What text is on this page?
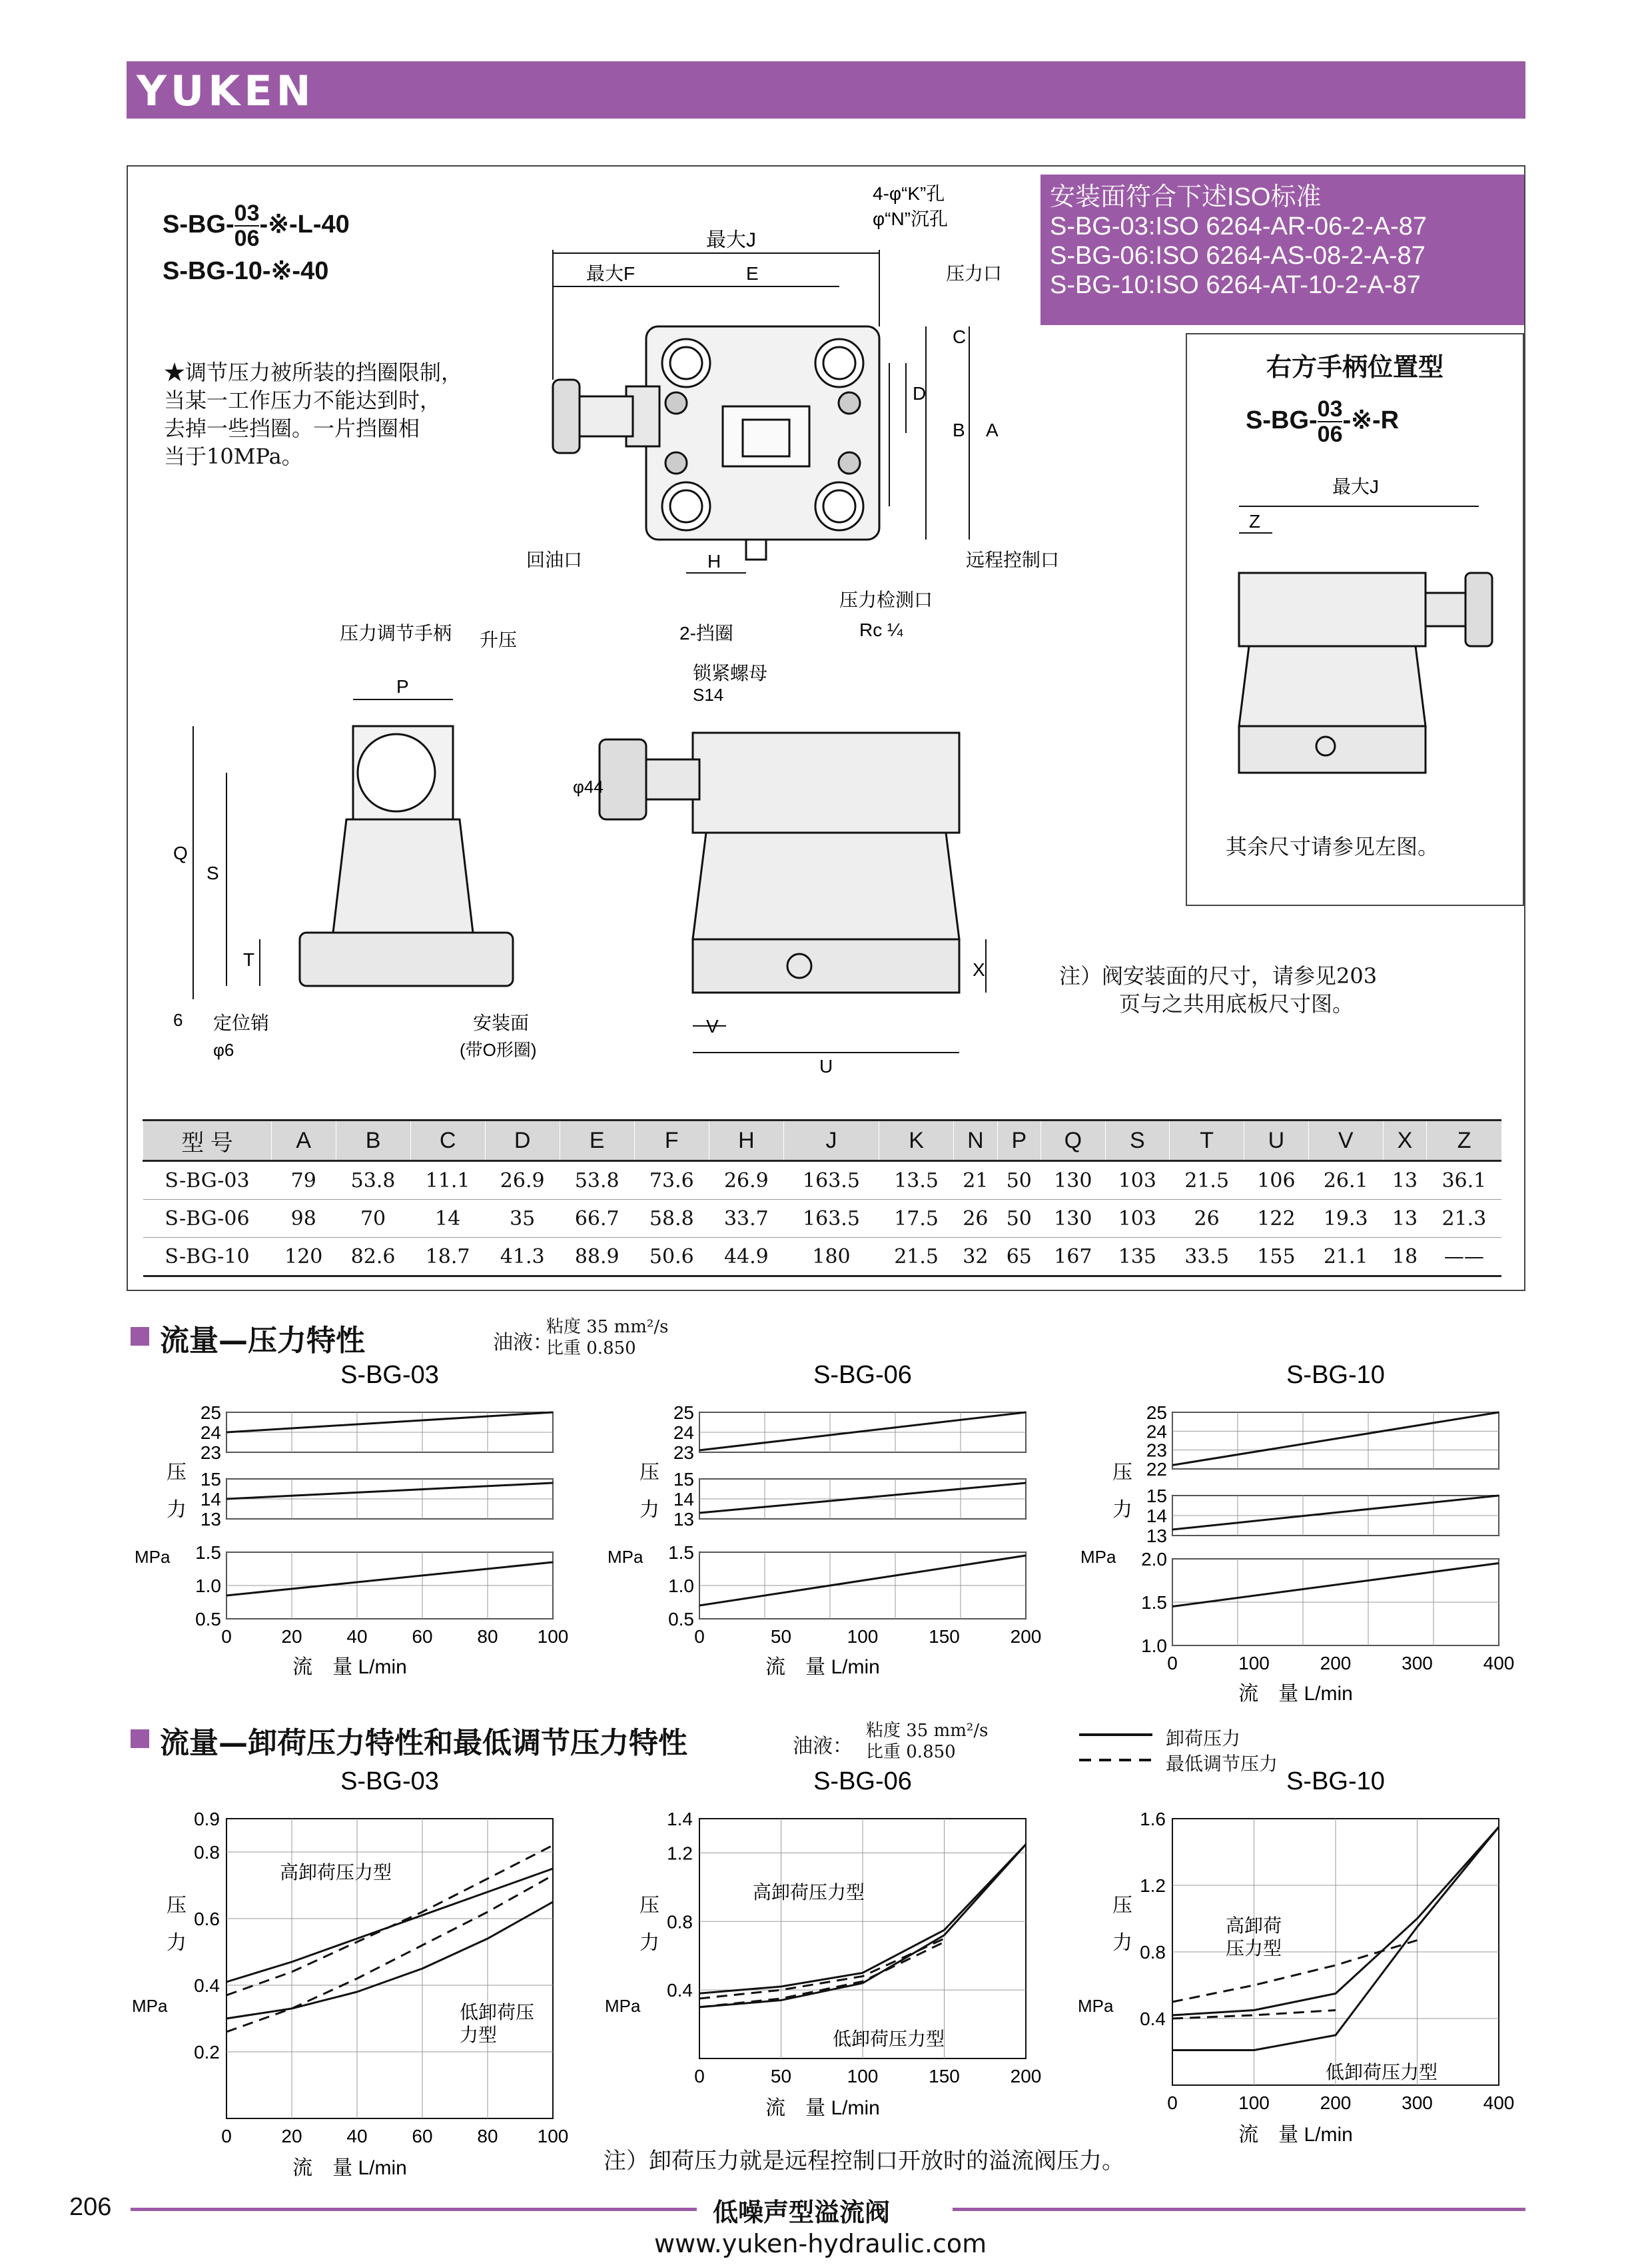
YUKEN
$S-BG- \frac{03}{06}$ -※-L-40
S-BG-10-※-40
安装面符合下述ISO标准
S-BG-03:ISO 6264-AR-06-2-A-87
S-BG-06:ISO 6264-AS-08-2-A-87
S-BG-10:ISO 6264-AT-10-2-A-87
★调节压力被所装的挡圈限制，
当某一工作压力不能达到时，
去掉一些挡圈。一片挡圈相
当于10MPa。
4-φ“K”孔
φ“N”沉孔
最大J
最大F	E	压力口
C
D
B A
回油口	H	远程控制口
压力检测口
Rc ¼
压力调节手柄 升压	2-挡圈
锁紧螺母
S14
P
φ44
Q
S
T
6 定位销
φ6
安装面
(带O形圈)
X
V
U
右方手柄位置型
$S-BG- \frac{03}{06}$ -※-R
最大J
Z
其余尺寸请参见左图。
注）阀安装面的尺寸，请参见203
页与之共用底板尺寸图。
型 号	A	B	C	D	E	F	H	J	K	N	P	Q	S	T	U	V	X	Z
S-BG-03	79	53.8	11.1	26.9	53.8	73.6	26.9	163.5	13.5	21	50	130	103	21.5	106	26.1	13	36.1
S-BG-06	98	70	14	35	66.7	58.8	33.7	163.5	17.5	26	50	130	103	26	122	19.3	13	21.3
S-BG-10	120	82.6	18.7	41.3	88.9	50.6	44.9	180	21.5	32	65	167	135	33.5	155	21.1	18	——
流量—压力特性	油液：
粘度 35 mm²/s
比重 0.850
流量—卸荷压力特性和最低调节压力特性	油液：
粘度 35 mm²/s
比重 0.850
卸荷压力
最低调节压力
S-BG-03
25
24
23
15
14
13
1.5
1.0
0.5
0	20 40 60 80 100
流　量 L/min
压
力
MPa
S-BG-06
25
24
23
15
14
13
1.5
1.0
0.5
0	50	100	150	200
流　量 L/min
压
力
MPa
S-BG-10
25
24
23
22
15
14
13
2.0
1.5
1.0
0	100	200	300	400
流　量 L/min
压
力
MPa
S-BG-03
0.9
0.8
0.6
0.4
0.2
0	20 40 60 80 100
流　量 L/min
压
力
MPa
高卸荷压力型
低卸荷压
力型
S-BG-06
1.4
1.2
0.8
0.4
0	50	100	150	200
流　量 L/min
压
力
MPa
高卸荷压力型
低卸荷压力型
S-BG-10
1.6
1.2
0.8
0.4
0	100	200	300	400
流　量 L/min
压
力
MPa
高卸荷
压力型
低卸荷压力型
注）卸荷压力就是远程控制口开放时的溢流阀压力。
206	低噪声型溢流阀
www.yuken-hydraulic.com
